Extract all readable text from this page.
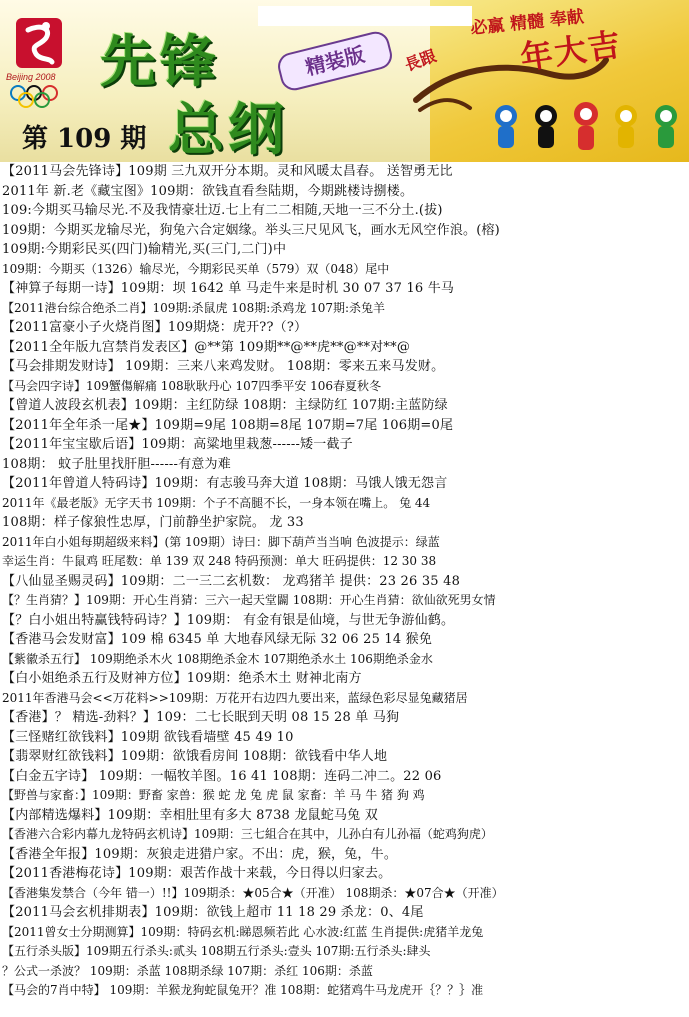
Beijing 2008 先锋	精装版
总纲
第 109 期
必赢 精髓 奉献
長跟 年大吉
【2011马会先锋诗】109期 三九双开分本期。灵和风暖太昌春。 送智勇无比
2011年 新.老《藏宝图》109期：欲钱直看叁陆期，今期跳楼诗捌楼。
109:今期买马输尽光.不及我情豪壮迈.七上有二二相随,天地一三不分土.(拔)
109期：今期买龙输尽光，狗兔六合定姻缘。举头三尺见风飞，画水无风空作浪。(榕)
109期:今期彩民买(四门)输精光,买(三门,二门)中
109期：今期买（1326）输尽光，今期彩民买单（579）双（048）尾中
【神算子每期一诗】109期：坝 1642 单 马走牛来是时机 30 07 37 16 牛马
【2011港台综合绝杀二肖】109期:杀鼠虎 108期:杀鸡龙 107期:杀兔羊
【2011富豪小子火烧肖图】109期烧：虎开??（?）
【2011全年版九宫禁肖发表区】@**第 109期**@**虎**@**对**@
【马会排期发财诗】 109期：三来八来鸡发财。 108期：零来五来马发财。
【马会四字诗】109蟹傷解痛 108耿耿丹心 107四季平安 106春夏秋冬
【曾道人波段玄机表】109期：主红防绿 108期：主绿防红 107期:主蓝防绿
【2011年全年杀一尾★】109期=9尾 108期=8尾 107期=7尾 106期=0尾
【2011年宝宝歇后语】109期：高粱地里栽葱------矮一截子
108期： 蚊子肚里找肝胆------有意为难
【2011年曾道人特码诗】109期：有志骏马奔大道 108期：马饿人饿无怨言
2011年《最老版》无字天书 109期：个子不高腿不长，一身本领在嘴上。 兔 44
108期：样子傢狼性忠厚，门前静坐护家院。 龙 33
2011年白小姐每期超级来料】(第 109期）诗曰：脚下葫芦当当响 色波提示：绿蓝
幸运生肖：牛鼠鸡 旺尾数：单 139 双 248 特码预测：单大 旺码提供：12 30 38
【八仙显圣赐灵码】109期：二一三二玄机数： 龙鸡猪羊 提供：23 26 35 48
【？生肖猜？】109期：开心生肖猜：三六一起天堂闢 108期：开心生肖猜：欲仙欲死男女情
【？白小姐出特赢钱特码诗？】109期： 有金有银是仙境，与世无争游仙鹤。
【香港马会发财富】109 棉 6345 单 大地春风绿无际 32 06 25 14 猴免
【紫徽杀五行】 109期绝杀木火 108期绝杀金木 107期绝杀水土 106期绝杀金水
【白小姐绝杀五行及财神方位】109期：绝杀木土 财神北南方
2011年香港马会<<万花料>>109期：万花开右边四九要出来，蓝绿色彩尽显兔藏猪居
【香港】？ 精选-劲料？】109：二七长眠到天明 08 15 28 单 马狗
【三怪赌红欲钱料】109期 欲钱看墙壁 45 49 10
【翡翠财红欲钱料】109期：欲饿看房间 108期：欲钱看中华人地
【白金五字诗】 109期：一幅牧羊图。16 41 108期：连码二冲二。22 06
【野兽与家畜：】109期：野畜 家兽：猴 蛇 龙 兔 虎 鼠 家畜：羊 马 牛 猪 狗 鸡
【内部精选爆料】109期：幸相肚里有多大 8738 龙鼠蛇马兔 双
【香港六合彩内幕九龙特码玄机诗】109期：三七組合在其中，儿孙白有儿孙福（蛇鸡狗虎）
【香港全年报】109期：灰狼走进猎户家。不出：虎，猴，兔，牛。
【2011香港梅花诗】109期：艰苦作战十来载，今日得以归家去。
【香港集发禁合（今年 错一）!!】109期杀：★05合★（开准） 108期杀：★07合★（开准）
【2011马会玄机排期表】109期：欲钱上超市 11 18 29 杀龙：0、4尾
【2011曾女士分期测算】109期：特码玄机:睇恩频若此 心水波:红蓝 生肖提供:虎猪羊龙兔
【五行杀头版】109期五行杀头:贰头 108期五行杀头:壹头 107期:五行杀头:肆头
？公式一杀波？ 109期：杀蓝 108期杀绿 107期：杀红 106期：杀蓝
【马会的7肖中特】 109期：羊猴龙狗蛇鼠兔开？准 108期：蛇猪鸡牛马龙虎开｛？？｝准
